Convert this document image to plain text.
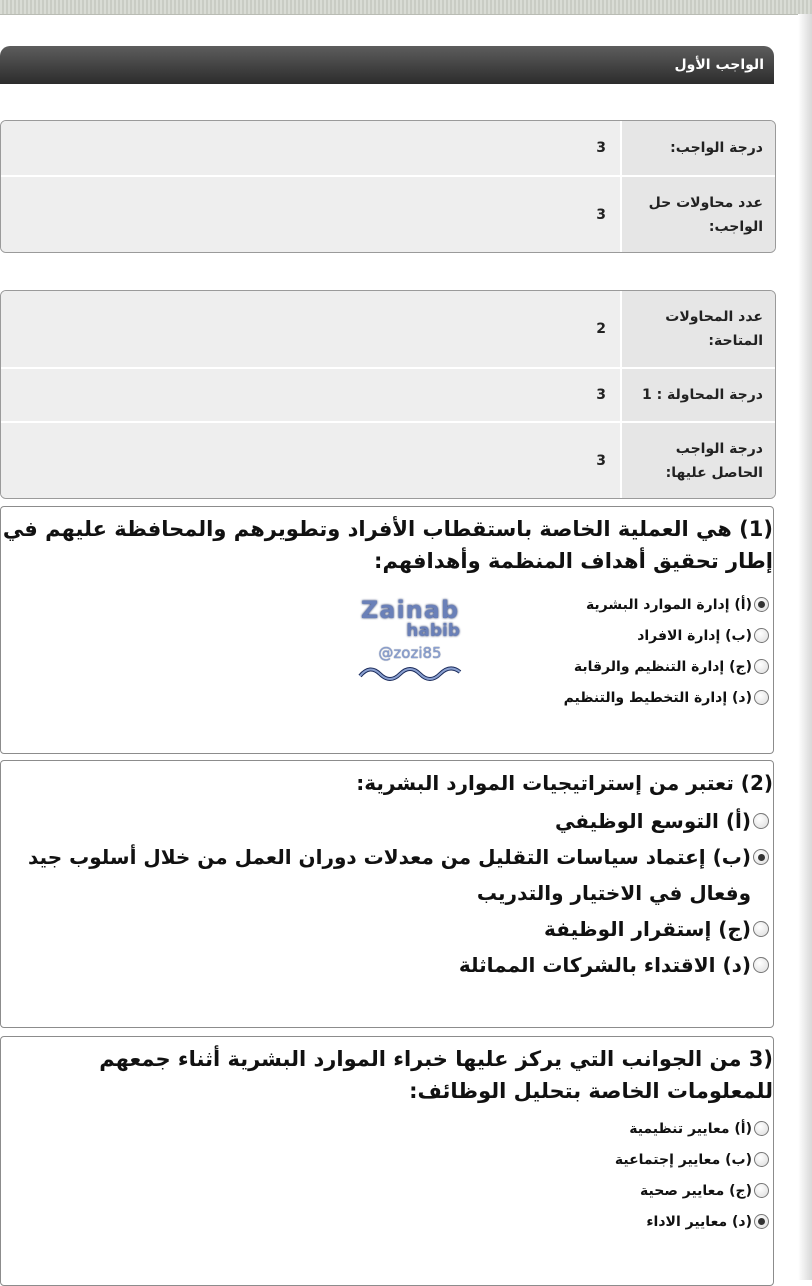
الواجب الأول
درجة الواجب:	3
عدد محاولات حل الواجب:	3
عدد المحاولات المتاحة:	2
درجة المحاولة : 1	3
درجة الواجب الحاصل عليها:	3

(1) هي العملية الخاصة باستقطاب الأفراد وتطويرهم والمحافظة عليهم في إطار تحقيق أهداف المنظمة وأهدافهم:

(أ) إدارة الموارد البشرية
(ب) إدارة الافراد
(ج) إدارة التنظيم والرقابة
(د) إدارة التخطيط والتنظيم
Zainab
habib
@zozi85

(2) تعتبر من إستراتيجيات الموارد البشرية:

(أ) التوسع الوظيفي
(ب) إعتماد سياسات التقليل من معدلات دوران العمل من خلال أسلوب جيد وفعال في الاختيار والتدريب
(ج) إستقرار الوظيفة
(د) الاقتداء بالشركات المماثلة

(3 من الجوانب التي يركز عليها خبراء الموارد البشرية أثناء جمعهم للمعلومات الخاصة بتحليل الوظائف:

(أ) معايير تنظيمية
(ب) معايير إجتماعية
(ج) معايير صحية
(د) معايير الاداء
